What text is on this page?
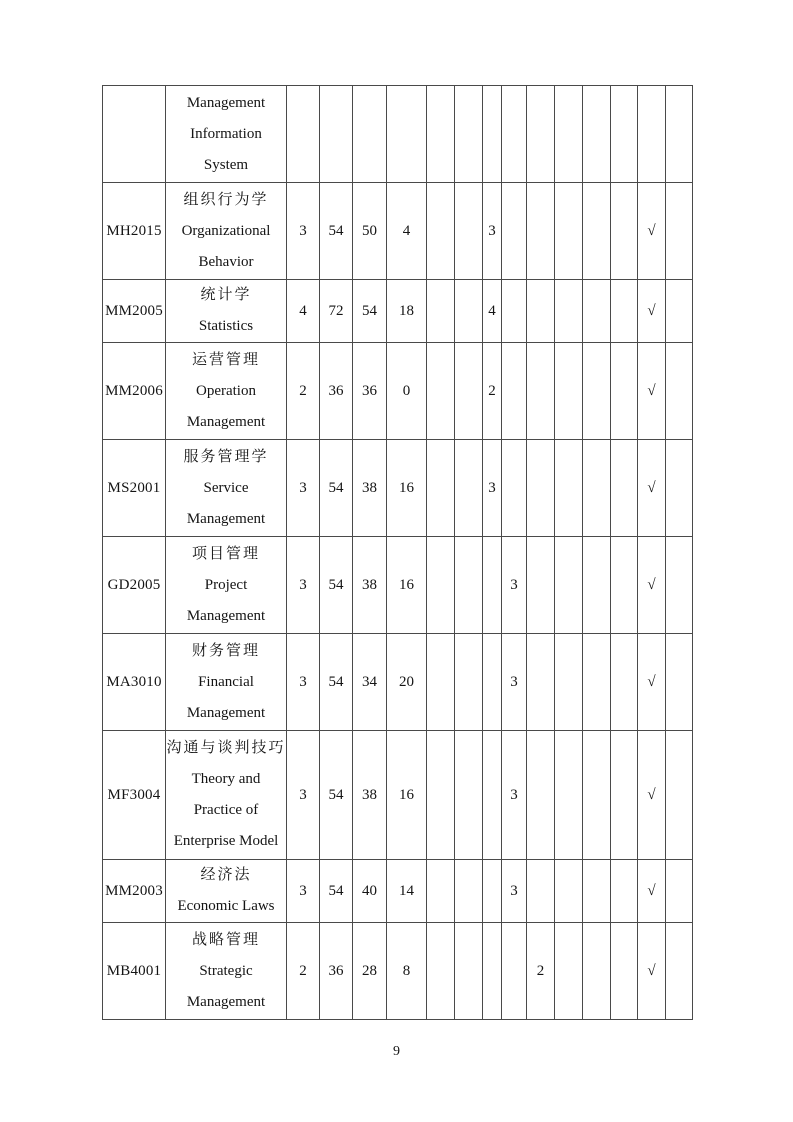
	Management
Information
System														

MH2015	组织行为学
Organizational
Behavior	3	54	50	4			3						√	
MM2005	统计学
Statistics	4	72	54	18			4						√	
MM2006	运营管理
Operation
Management	2	36	36	0			2						√	
MS2001	服务管理学
Service
Management	3	54	38	16			3						√	
GD2005	项目管理
Project
Management	3	54	38	16				3					√	
MA3010	财务管理
Financial
Management	3	54	34	20				3					√	
MF3004	沟通与谈判技巧
Theory and
Practice of
Enterprise Model	3	54	38	16				3					√	
MM2003	经济法
Economic Laws	3	54	40	14				3					√	
MB4001	战略管理
Strategic
Management	2	36	28	8					2				√	
9
